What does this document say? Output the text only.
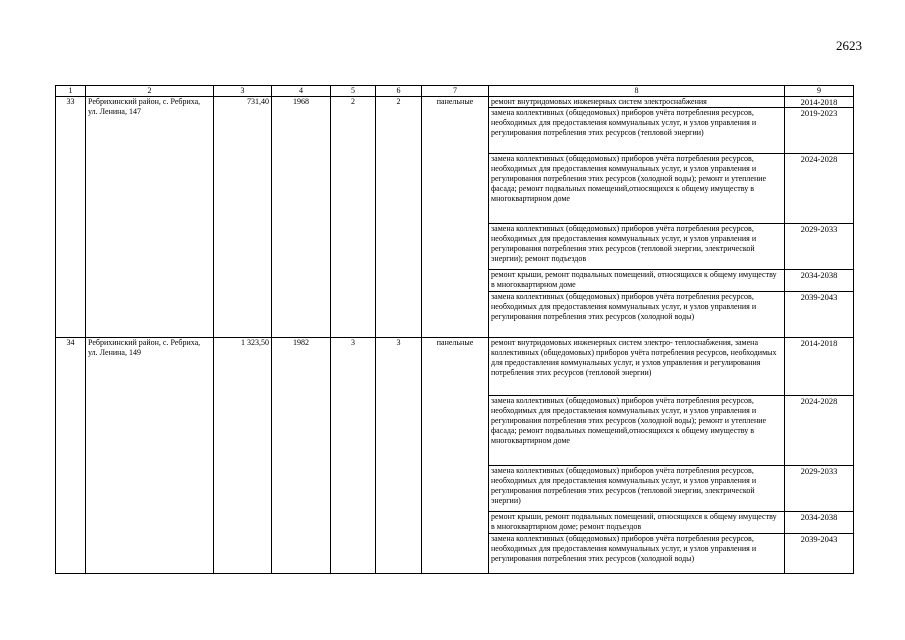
2623
1	2	3	4	5	6	7	8	9
33	Ребрихинский район, с. Ребриха, ул. Ленина, 147	731,40	1968	2	2	панельные	ремонт внутридомовых инженерных систем электроснабжения	2014-2018
							замена коллективных (общедомовых) приборов учёта потребления ресурсов, необходимых для предоставления коммунальных услуг, и узлов управления и регулирования потребления этих ресурсов (тепловой энергии)	2019-2023
							замена коллективных (общедомовых) приборов учёта потребления ресурсов, необходимых для предоставления коммунальных услуг, и узлов управления и регулирования потребления этих ресурсов (холодной воды); ремонт и утепление фасада; ремонт подвальных помещений,относящихся к общему имуществу в многоквартирном доме	2024-2028
							замена коллективных (общедомовых) приборов учёта потребления ресурсов, необходимых для предоставления коммунальных услуг, и узлов управления и регулирования потребления этих ресурсов (тепловой энергии, электрической энергии); ремонт подъездов	2029-2033
							ремонт крыши, ремонт подвальных помещений, относящихся к общему имуществу в многоквартирном доме	2034-2038
							замена коллективных (общедомовых) приборов учёта потребления ресурсов, необходимых для предоставления коммунальных услуг, и узлов управления и регулирования потребления этих ресурсов (холодной воды)	2039-2043
34	Ребрихинский район, с. Ребриха, ул. Ленина, 149	1 323,50	1982	3	3	панельные	ремонт внутридомовых инженерных систем электро- теплоснабжения, замена коллективных (общедомовых) приборов учёта потребления ресурсов, необходимых для предоставления коммунальных услуг, и узлов управления и регулирования потребления этих ресурсов (тепловой энергии)	2014-2018
							замена коллективных (общедомовых) приборов учёта потребления ресурсов, необходимых для предоставления коммунальных услуг, и узлов управления и регулирования потребления этих ресурсов (холодной воды); ремонт и утепление фасада; ремонт подвальных помещений,относящихся к общему имуществу в многоквартирном доме	2024-2028
							замена коллективных (общедомовых) приборов учёта потребления ресурсов, необходимых для предоставления коммунальных услуг, и узлов управления и регулирования потребления этих ресурсов (тепловой энергии, электрической энергии)	2029-2033
							ремонт крыши, ремонт подвальных помещений, относящихся к общему имуществу в многоквартирном доме; ремонт подъездов	2034-2038
							замена коллективных (общедомовых) приборов учёта потребления ресурсов, необходимых для предоставления коммунальных услуг, и узлов управления и регулирования потребления этих ресурсов (холодной воды)	2039-2043
